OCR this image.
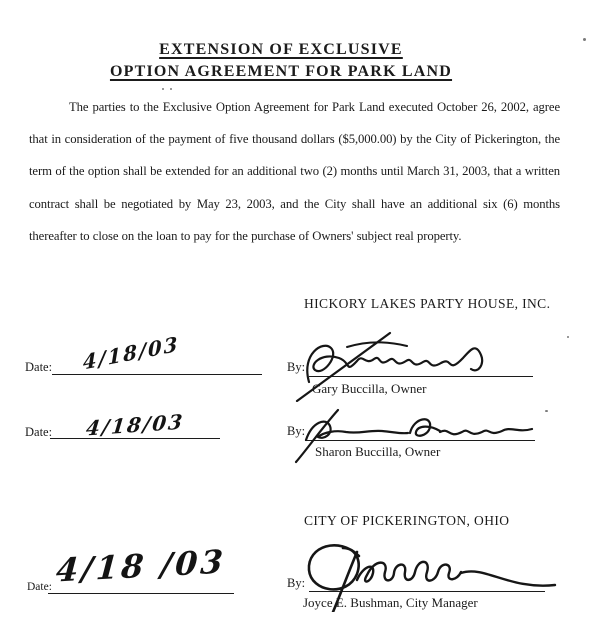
EXTENSION OF EXCLUSIVE
OPTION AGREEMENT FOR PARK LAND
The parties to the Exclusive Option Agreement for Park Land executed October 26, 2002, agree that in consideration of the payment of five thousand dollars ($5,000.00) by the City of Pickerington, the term of the option shall be extended for an additional two (2) months until March 31, 2003, that a written contract shall be negotiated by May 23, 2003, and the City shall have an additional six (6) months thereafter to close on the loan to pay for the purchase of Owners' subject real property.
HICKORY LAKES PARTY HOUSE, INC.
Date: 4/18/03	By:
Gary Buccilla, Owner
Date: 4/18/03	By:
Sharon Buccilla, Owner
CITY OF PICKERINGTON, OHIO
Date: 4/18 /03	By:
Joyce E. Bushman, City Manager
